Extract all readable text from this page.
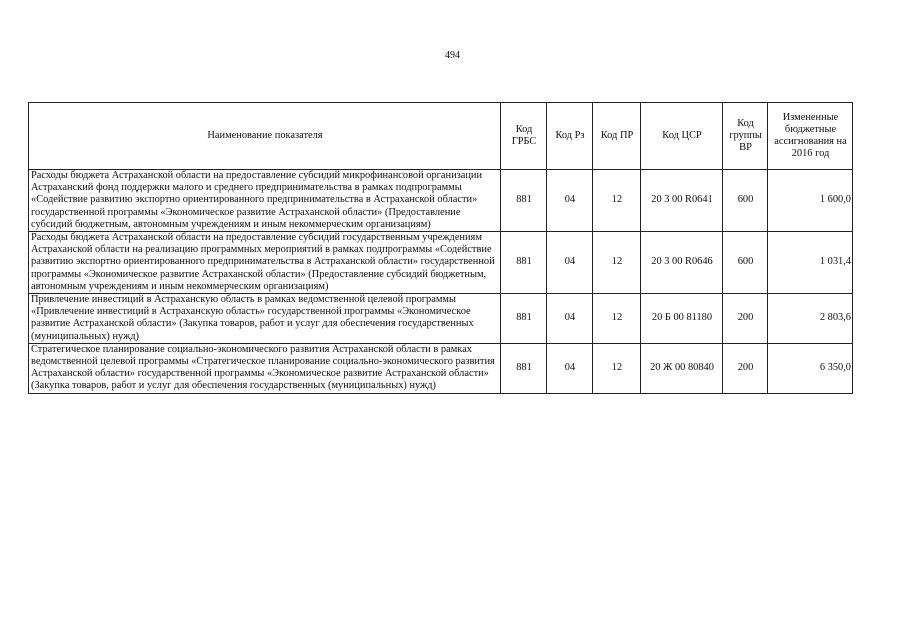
494
Наименование показателя	Код ГРБС	Код Рз	Код ПР	Код ЦСР	Код группы ВР	Измененные бюджетные ассигнования на 2016 год
Расходы бюджета Астраханской области на предоставление субсидий микрофинансовой организации Астраханский фонд поддержки малого и среднего предпринимательства в рамках подпрограммы «Содействие развитию экспортно ориентированного предпринимательства в Астраханской области» государственной программы «Экономическое развитие Астраханской области» (Предоставление субсидий бюджетным, автономным учреждениям и иным некоммерческим организациям)	881	04	12	20 3 00 R0641	600	1 600,0
Расходы бюджета Астраханской области на предоставление субсидий государственным учреждениям Астраханской области на реализацию программных мероприятий в рамках подпрограммы «Содействие развитию экспортно ориентированного предпринимательства в Астраханской области» государственной программы «Экономическое развитие Астраханской области» (Предоставление субсидий бюджетным, автономным учреждениям и иным некоммерческим организациям)	881	04	12	20 3 00 R0646	600	1 031,4
Привлечение инвестиций в Астраханскую область в рамках ведомственной целевой программы «Привлечение инвестиций в Астраханскую область» государственной программы «Экономическое развитие Астраханской области» (Закупка товаров, работ и услуг для обеспечения государственных (муниципальных) нужд)	881	04	12	20 Б 00 81180	200	2 803,6
Стратегическое планирование социально-экономического развития Астраханской области в рамках ведомственной целевой программы «Стратегическое планирование социально-экономического развития Астраханской области» государственной программы «Экономическое развитие Астраханской области» (Закупка товаров, работ и услуг для обеспечения государственных (муниципальных) нужд)	881	04	12	20 Ж 00 80840	200	6 350,0
